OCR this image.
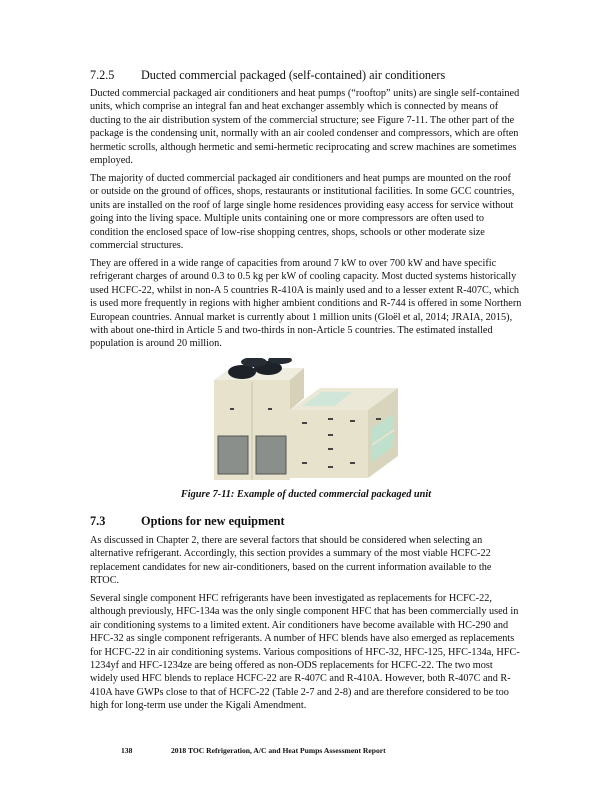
7.2.5 Ducted commercial packaged (self-contained) air conditioners

Ducted commercial packaged air conditioners and heat pumps (“rooftop” units) are single self-contained units, which comprise an integral fan and heat exchanger assembly which is connected by means of ducting to the air distribution system of the commercial structure; see Figure 7-11. The other part of the package is the condensing unit, normally with an air cooled condenser and compressors, which are often hermetic scrolls, although hermetic and semi-hermetic reciprocating and screw machines are sometimes employed.

The majority of ducted commercial packaged air conditioners and heat pumps are mounted on the roof or outside on the ground of offices, shops, restaurants or institutional facilities. In some GCC countries, units are installed on the roof of large single home residences providing easy access for service without going into the living space. Multiple units containing one or more compressors are often used to condition the enclosed space of low-rise shopping centres, shops, schools or other moderate size commercial structures.

They are offered in a wide range of capacities from around 7 kW to over 700 kW and have specific refrigerant charges of around 0.3 to 0.5 kg per kW of cooling capacity. Most ducted systems historically used HCFC-22, whilst in non-A 5 countries R-410A is mainly used and to a lesser extent R-407C, which is used more frequently in regions with higher ambient conditions and R-744 is offered in some Northern European countries. Annual market is currently about 1 million units (Gloël et al, 2014; JRAIA, 2015), with about one-third in Article 5 and two-thirds in non-Article 5 countries. The estimated installed population is around 20 million.

Figure 7-11: Example of ducted commercial packaged unit
7.3	Options for new equipment

As discussed in Chapter 2, there are several factors that should be considered when selecting an alternative refrigerant. Accordingly, this section provides a summary of the most viable HCFC-22 replacement candidates for new air-conditioners, based on the current information available to the RTOC.

Several single component HFC refrigerants have been investigated as replacements for HCFC-22, although previously, HFC-134a was the only single component HFC that has been commercially used in air conditioning systems to a limited extent. Air conditioners have become available with HC-290 and HFC-32 as single component refrigerants. A number of HFC blends have also emerged as replacements for HCFC-22 in air conditioning systems. Various compositions of HFC-32, HFC-125, HFC-134a, HFC-1234yf and HFC-1234ze are being offered as non-ODS replacements for HCFC-22. The two most widely used HFC blends to replace HCFC-22 are R-407C and R-410A. However, both R-407C and R-410A have GWPs close to that of HCFC-22 (Table 2-7 and 2-8) and are therefore considered to be too high for long-term use under the Kigali Amendment.

138	2018 TOC Refrigeration, A/C and Heat Pumps Assessment Report
